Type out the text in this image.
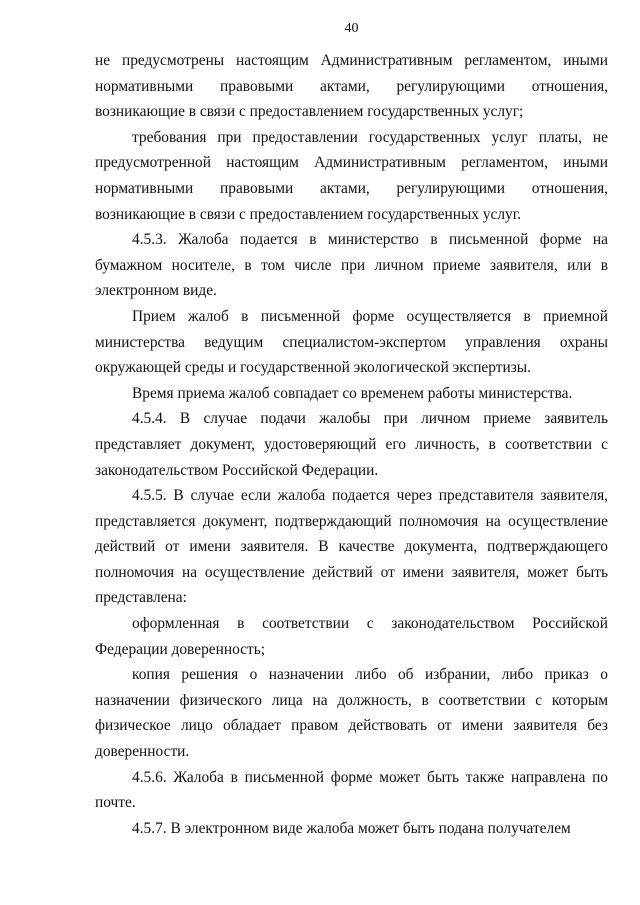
40

не предусмотрены настоящим Административным регламентом, иными нормативными правовыми актами, регулирующими отношения, возникающие в связи с предоставлением государственных услуг;

требования при предоставлении государственных услуг платы, не предусмотренной настоящим Административным регламентом, иными нормативными правовыми актами, регулирующими отношения, возникающие в связи с предоставлением государственных услуг.

4.5.3. Жалоба подается в министерство в письменной форме на бумажном носителе, в том числе при личном приеме заявителя, или в электронном виде.

Прием жалоб в письменной форме осуществляется в приемной министерства ведущим специалистом-экспертом управления охраны окружающей среды и государственной экологической экспертизы.

Время приема жалоб совпадает со временем работы министерства.

4.5.4. В случае подачи жалобы при личном приеме заявитель представляет документ, удостоверяющий его личность, в соответствии с законодательством Российской Федерации.

4.5.5. В случае если жалоба подается через представителя заявителя, представляется документ, подтверждающий полномочия на осуществление действий от имени заявителя. В качестве документа, подтверждающего полномочия на осуществление действий от имени заявителя, может быть представлена:

оформленная в соответствии с законодательством Российской Федерации доверенность;

копия решения о назначении либо об избрании, либо приказ о назначении физического лица на должность, в соответствии с которым физическое лицо обладает правом действовать от имени заявителя без доверенности.

4.5.6. Жалоба в письменной форме может быть также направлена по почте.

4.5.7. В электронном виде жалоба может быть подана получателем
